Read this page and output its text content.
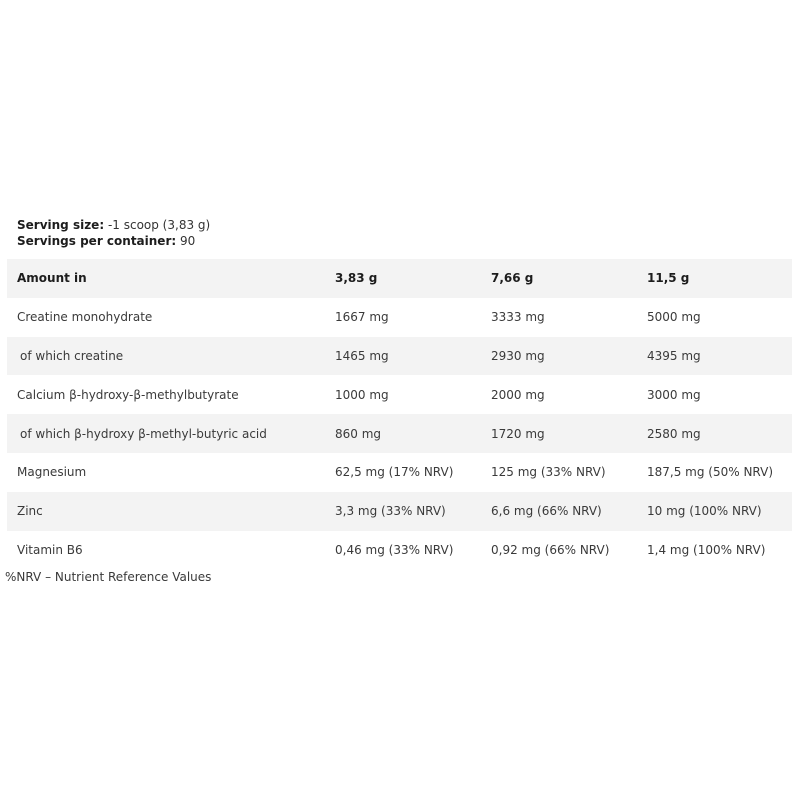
Serving size: -1 scoop (3,83 g)
Servings per container: 90
Amount in	3,83 g	7,66 g	11,5 g
Creatine monohydrate	1667 mg	3333 mg	5000 mg
of which creatine	1465 mg	2930 mg	4395 mg
Calcium β-hydroxy-β-methylbutyrate	1000 mg	2000 mg	3000 mg
of which β-hydroxy β-methyl-butyric acid	860 mg	1720 mg	2580 mg
Magnesium	62,5 mg (17% NRV)	125 mg (33% NRV)	187,5 mg (50% NRV)
Zinc	3,3 mg (33% NRV)	6,6 mg (66% NRV)	10 mg (100% NRV)
Vitamin B6	0,46 mg (33% NRV)	0,92 mg (66% NRV)	1,4 mg (100% NRV)
%NRV – Nutrient Reference Values
